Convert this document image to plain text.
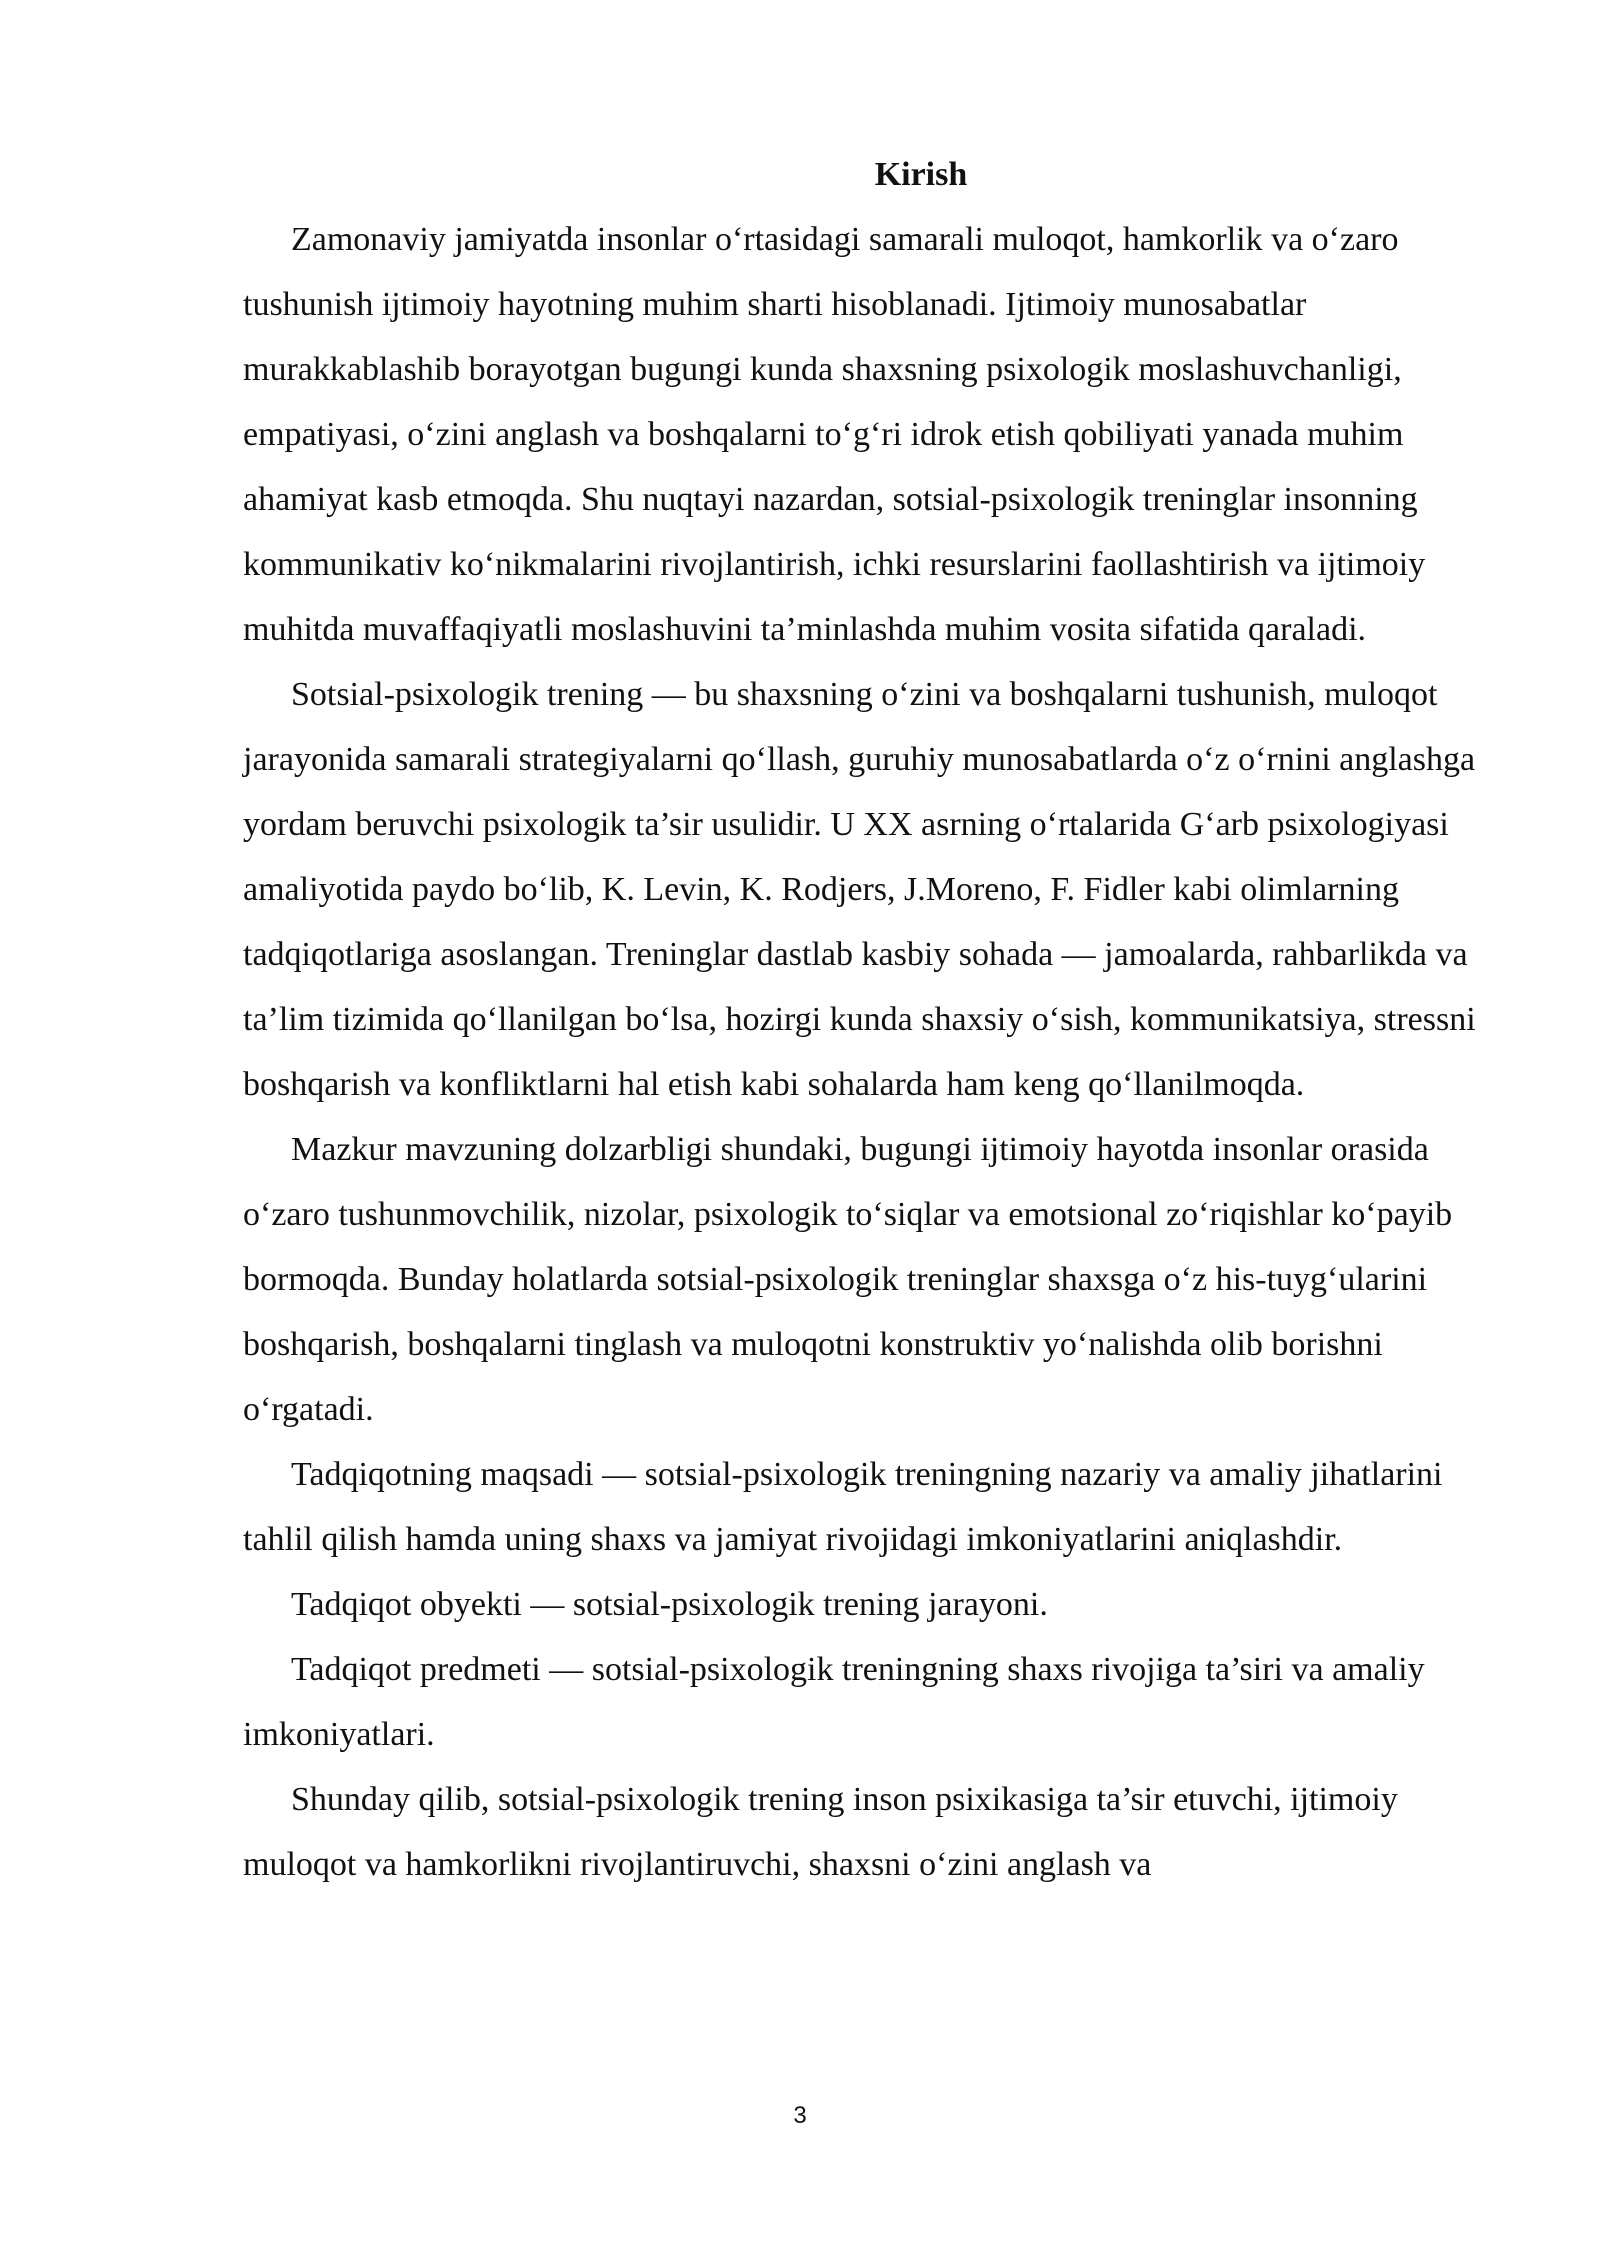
Kirish

Zamonaviy jamiyatda insonlar o‘rtasidagi samarali muloqot, hamkorlik va o‘zaro tushunish ijtimoiy hayotning muhim sharti hisoblanadi. Ijtimoiy munosabatlar murakkablashib borayotgan bugungi kunda shaxsning psixologik moslashuvchanligi, empatiyasi, o‘zini anglash va boshqalarni to‘g‘ri idrok etish qobiliyati yanada muhim ahamiyat kasb etmoqda. Shu nuqtayi nazardan, sotsial-psixologik treninglar insonning kommunikativ ko‘nikmalarini rivojlantirish, ichki resurslarini faollashtirish va ijtimoiy muhitda muvaffaqiyatli moslashuvini ta’minlashda muhim vosita sifatida qaraladi.

Sotsial-psixologik trening — bu shaxsning o‘zini va boshqalarni tushunish, muloqot jarayonida samarali strategiyalarni qo‘llash, guruhiy munosabatlarda o‘z o‘rnini anglashga yordam beruvchi psixologik ta’sir usulidir. U XX asrning o‘rtalarida G‘arb psixologiyasi amaliyotida paydo bo‘lib, K. Levin, K. Rodjers, J.Moreno, F. Fidler kabi olimlarning tadqiqotlariga asoslangan. Treninglar dastlab kasbiy sohada — jamoalarda, rahbarlikda va ta’lim tizimida qo‘llanilgan bo‘lsa, hozirgi kunda shaxsiy o‘sish, kommunikatsiya, stressni boshqarish va konfliktlarni hal etish kabi sohalarda ham keng qo‘llanilmoqda.

Mazkur mavzuning dolzarbligi shundaki, bugungi ijtimoiy hayotda insonlar orasida o‘zaro tushunmovchilik, nizolar, psixologik to‘siqlar va emotsional zo‘riqishlar ko‘payib bormoqda. Bunday holatlarda sotsial-psixologik treninglar shaxsga o‘z his-tuyg‘ularini boshqarish, boshqalarni tinglash va muloqotni konstruktiv yo‘nalishda olib borishni o‘rgatadi.

Tadqiqotning maqsadi — sotsial-psixologik treningning nazariy va amaliy jihatlarini tahlil qilish hamda uning shaxs va jamiyat rivojidagi imkoniyatlarini aniqlashdir.

Tadqiqot obyekti — sotsial-psixologik trening jarayoni.

Tadqiqot predmeti — sotsial-psixologik treningning shaxs rivojiga ta’siri va amaliy imkoniyatlari.

Shunday qilib, sotsial-psixologik trening inson psixikasiga ta’sir etuvchi, ijtimoiy muloqot va hamkorlikni rivojlantiruvchi, shaxsni o‘zini anglash va

3
